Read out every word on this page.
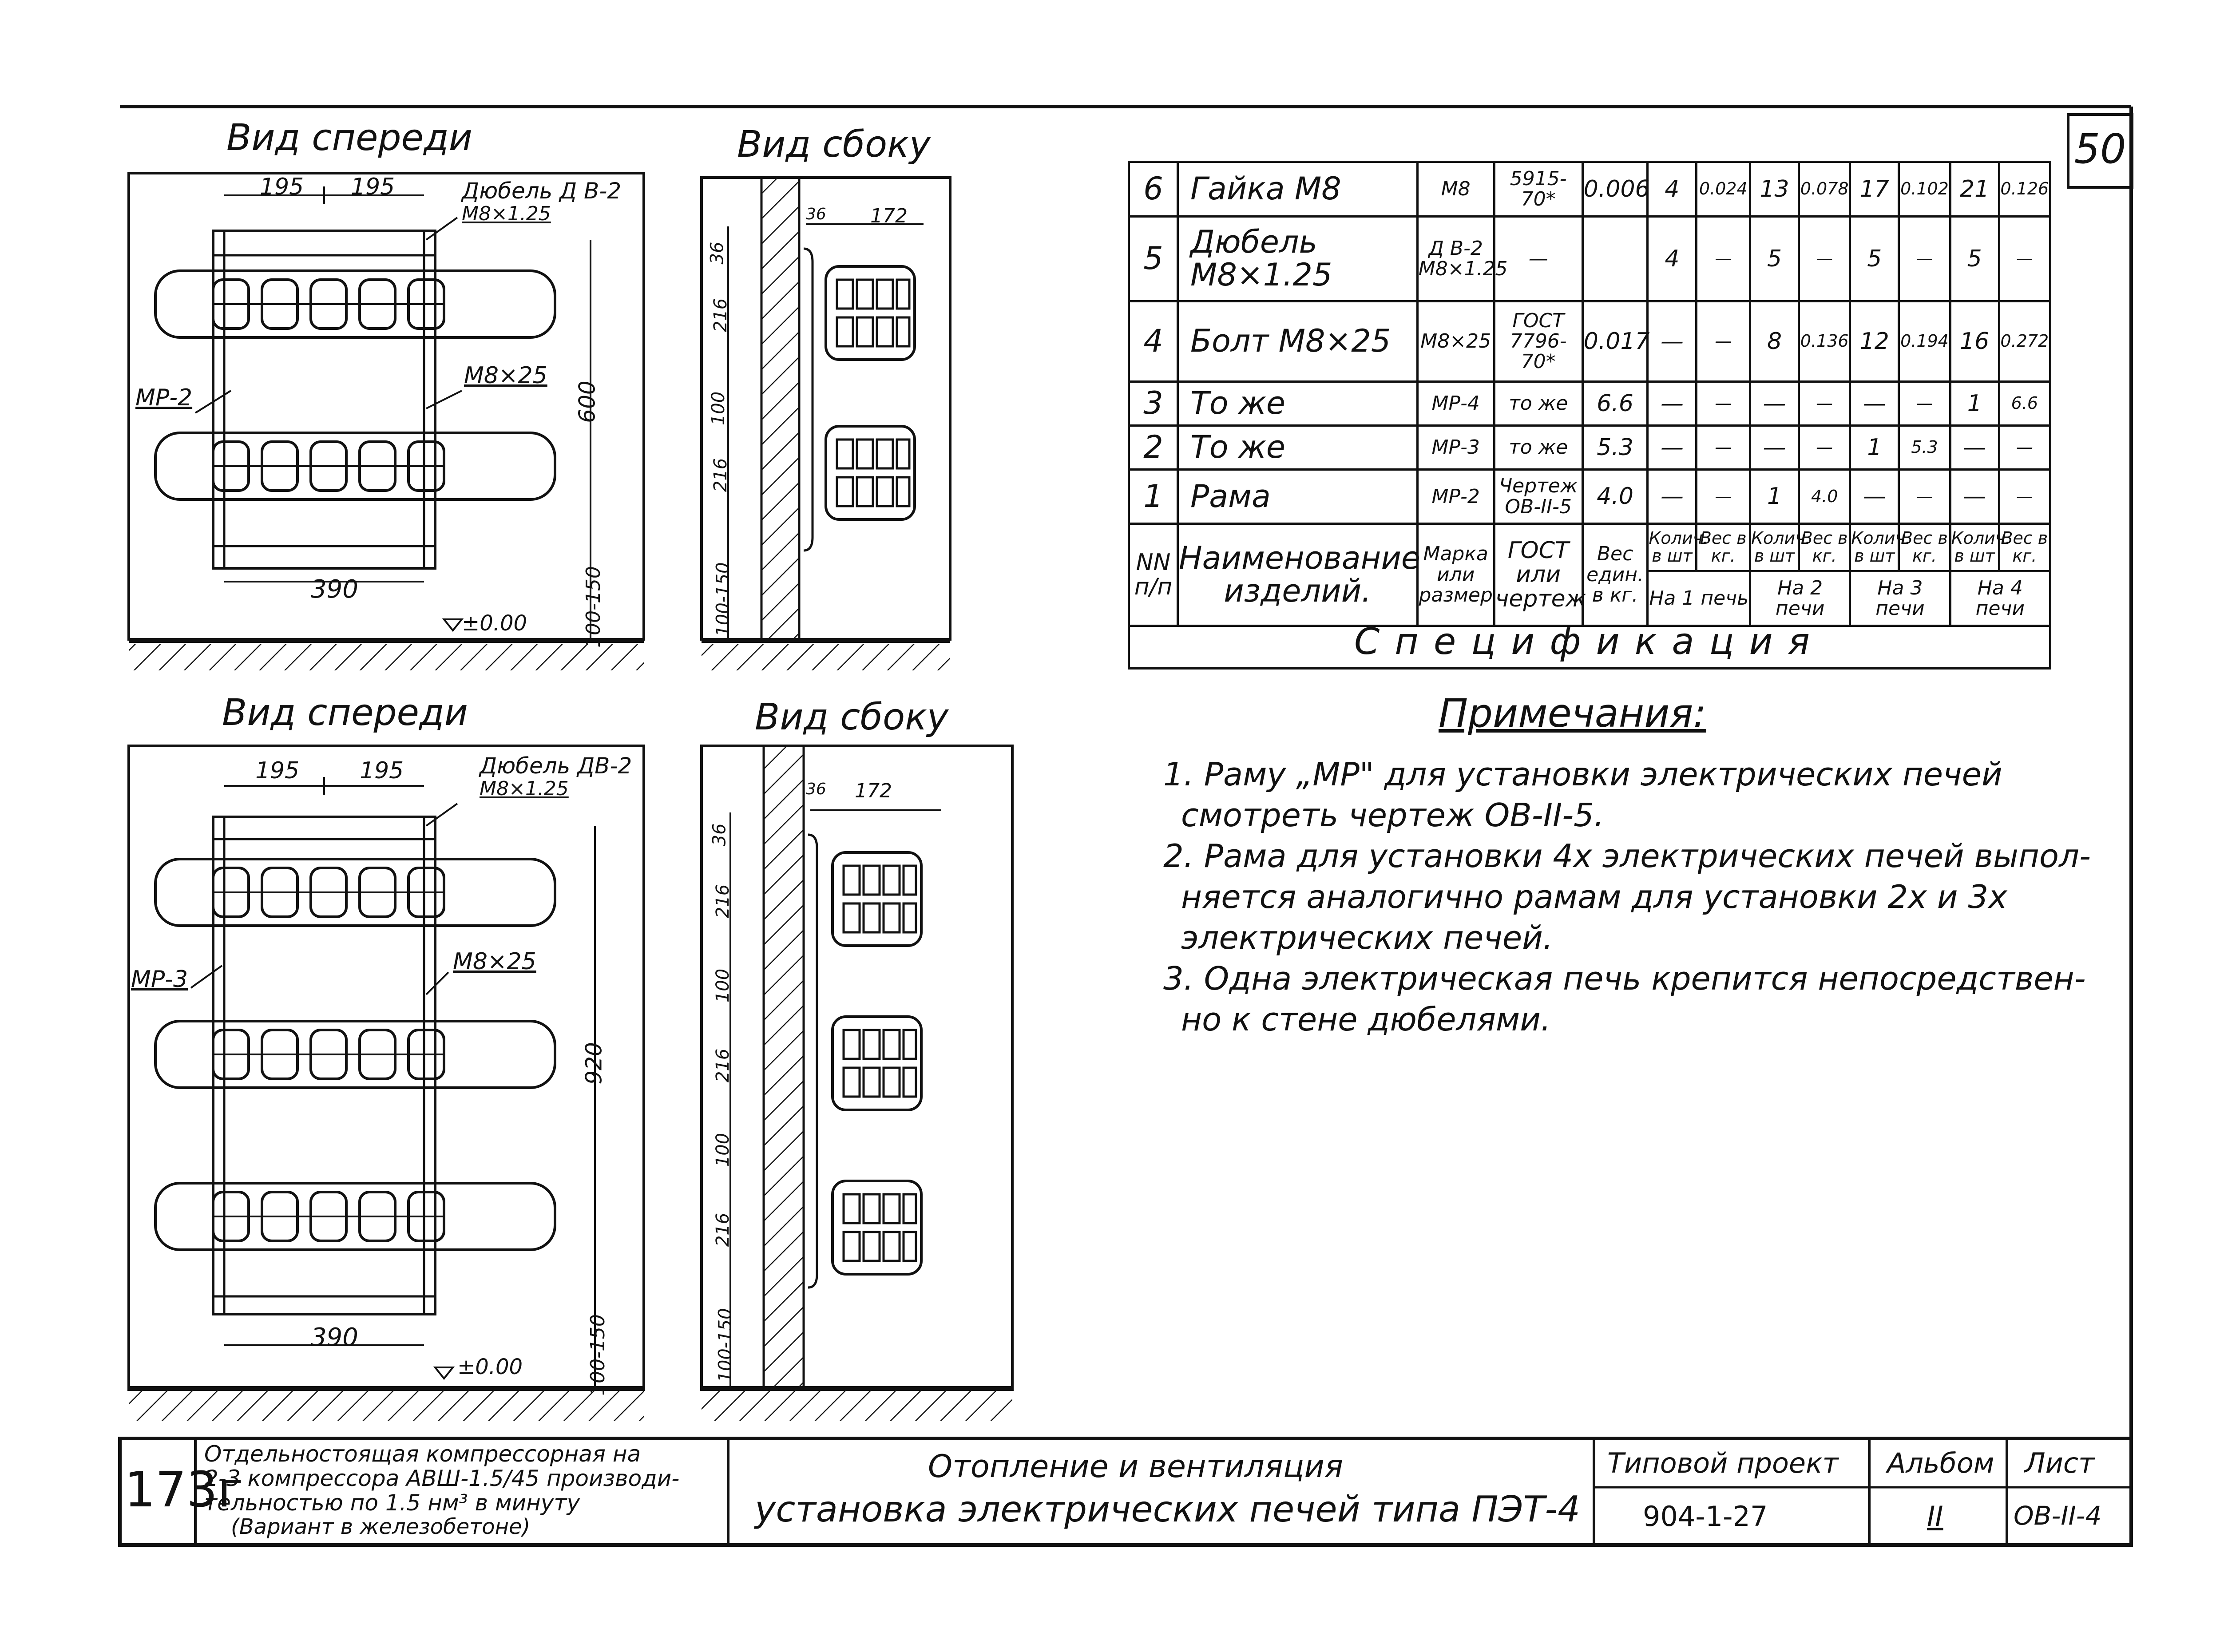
50
Вид спереди	Вид сбоку
Вид спереди	Вид сбоку
195 195	Дюбель Д В-2
М8×1.25
МР-2
М8×25
600
390	100-150
±0.00
36 172
36
216
100
216
100-150
195	195	Дюбель ДВ-2
М8×1.25
МР-3
М8×25
920
390	100-150
±0.00
36 172
36
216
100
216
100
216
100-150
6	Гайка М8	М8	5915-70*	0.006	4	0.024	13	0.078	17	0.102	21	0.126
5	Дюбель М8×1.25	Д В-2 М8×1.25	—		4	—	5	—	5	—	5	—
4	Болт М8×25	М8×25	ГОСТ 7796-70*	0.017	—	—	8	0.136	12	0.194	16	0.272
3	То же	МР-4	то же	6.6	—	—	—	—	—	—	1	6.6
2	То же	МР-3	то же	5.3	—	—	—	—	1	5.3	—	—
1	Рама	МР-2	Чертеж ОВ-II-5	4.0	—	—	1	4.0	—	—	—	—
NN п/п	Наименование изделий.	Марка или размер	ГОСТ или чертеж	Вес един. в кг.	Колич. в шт	Вес в кг.	Колич. в шт	Вес в кг.	Колич. в шт	Вес в кг.	Колич. в шт	Вес в кг.
					На 1 печь		На 2 печи		На 3 печи		На 4 печи	
Спецификация
Примечания:
1. Раму „МР" для установки электрических печей
смотреть чертеж ОВ-II-5.
2. Рама для установки 4х электрических печей выпол-
няется аналогично рамам для установки 2х и 3х
электрических печей.
3. Одна электрическая печь крепится непосредствен-
но к стене дюбелями.
173г
Отдельностоящая компрессорная на
2-3 компрессора АВШ-1.5/45 производи-
тельностью по 1.5 нм³ в минуту
(Вариант в железобетоне)
Отопление и вентиляция
установка электрических печей типа ПЭТ-4
Типовой проект
904-1-27
Альбом
II
Лист
ОВ-II-4
